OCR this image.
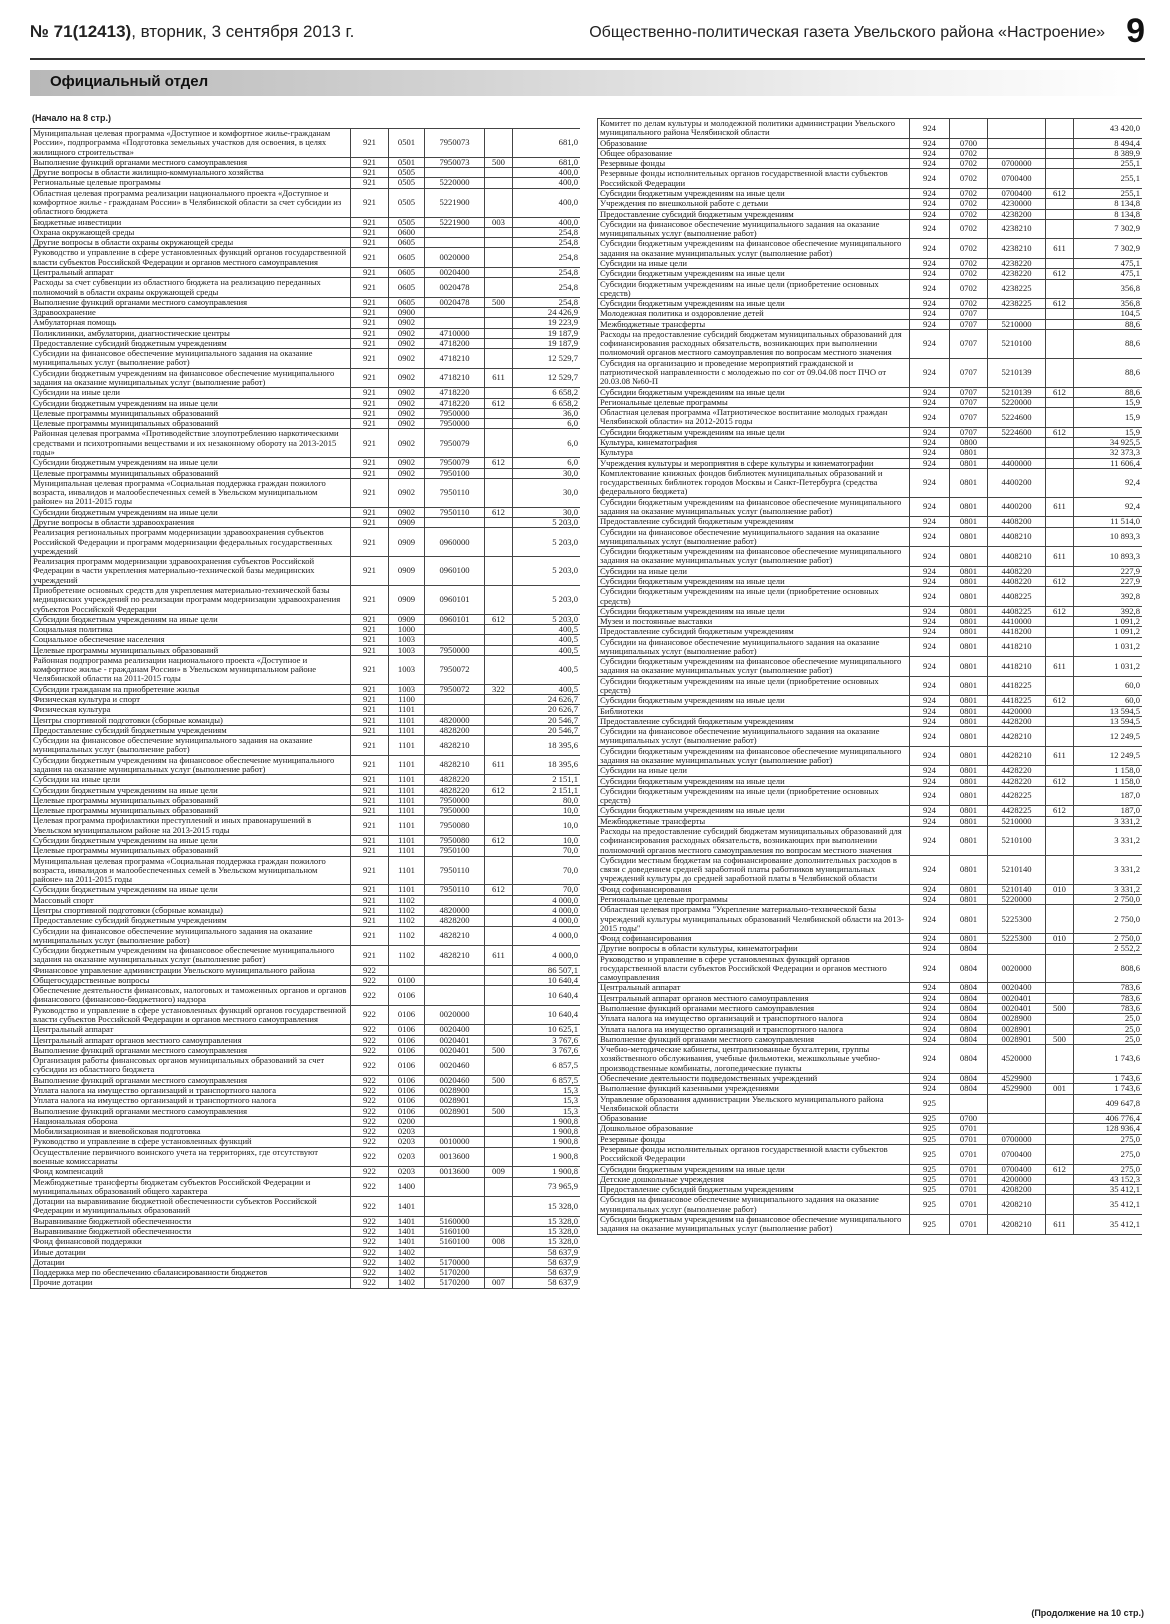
№ 71(12413), вторник, 3 сентября 2013 г.	Общественно-политическая газета Увельского района «Настроение» 9
Официальный отдел
(Начало на 8 стр.)
Муниципальная целевая программа «Доступное и комфортное жилье-гражданам России», подпрограмма «Подготовка земельных участков для освоения, в целях жилищного строительства»	921	0501	7950073		681,0
Выполнение функций органами местного самоуправления	921	0501	7950073	500	681,0
Другие вопросы в области жилищно-коммунального хозяйства	921	0505			400,0
Региональные целевые программы	921	0505	5220000		400,0
Областная целевая программа реализации национального проекта «Доступное и комфортное жилье - гражданам России» в Челябинской области за счет субсидии из областного бюджета	921	0505	5221900		400,0
Бюджетные инвестиции	921	0505	5221900	003	400,0
Охрана окружающей среды	921	0600			254,8
Другие вопросы в области охраны окружающей среды	921	0605			254,8
Руководство и управление в сфере установленных функций органов государственной власти субъектов Российской Федерации и органов местного самоуправления	921	0605	0020000		254,8
Центральный аппарат	921	0605	0020400		254,8
Расходы за счет субвенции из областного бюджета на реализацию переданных полномочий в области охраны окружающей среды	921	0605	0020478		254,8
Выполнение функций органами местного самоуправления	921	0605	0020478	500	254,8
Здравоохранение	921	0900			24 426,9
Амбулаторная помощь	921	0902			19 223,9
Поликлиники, амбулатории, диагностические центры	921	0902	4710000		19 187,9
Предоставление субсидий бюджетным учреждениям	921	0902	4718200		19 187,9
Субсидии на финансовое обеспечение муниципального задания на оказание муниципальных услуг (выполнение работ)	921	0902	4718210		12 529,7
Субсидии бюджетным учреждениям на финансовое обеспечение муниципального задания на оказание муниципальных услуг (выполнение работ)	921	0902	4718210	611	12 529,7
Субсидии на иные цели	921	0902	4718220		6 658,2
Субсидии бюджетным учреждениям на иные цели	921	0902	4718220	612	6 658,2
Целевые программы муниципальных образований	921	0902	7950000		36,0
Целевые программы муниципальных образований	921	0902	7950000		6,0
Районная целевая программа «Противодействие злоупотреблению наркотическими средствами и психотропными веществами и их незаконному обороту на 2013-2015 годы»	921	0902	7950079		6,0
Субсидии бюджетным учреждениям на иные цели	921	0902	7950079	612	6,0
Целевые программы муниципальных образований	921	0902	7950100		30,0
Муниципальная целевая программа «Социальная поддержка граждан пожилого возраста, инвалидов и малообеспеченных семей в Увельском муниципальном районе» на 2011-2015 годы	921	0902	7950110		30,0
Субсидии бюджетным учреждениям на иные цели	921	0902	7950110	612	30,0
Другие вопросы в области здравоохранения	921	0909			5 203,0
Реализация региональных программ модернизации здравоохранения субъектов Российской Федерации и программ модернизации федеральных государственных учреждений	921	0909	0960000		5 203,0
Реализация программ модернизации здравоохранения субъектов Российской Федерации в части укрепления материально-технической базы медицинских учреждений	921	0909	0960100		5 203,0
Приобретение основных средств для укрепления материально-технической базы медицинских учреждений по реализации программ модернизации здравоохранения субъектов Российской Федерации	921	0909	0960101		5 203,0
Субсидии бюджетным учреждениям на иные цели	921	0909	0960101	612	5 203,0
Социальная политика	921	1000			400,5
Социальное обеспечение населения	921	1003			400,5
Целевые программы муниципальных образований	921	1003	7950000		400,5
Районная подпрограмма реализации национального проекта «Доступное и комфортное жилье - гражданам России» в Увельском муниципальном районе Челябинской области на 2011-2015 годы	921	1003	7950072		400,5
Субсидии гражданам на приобретение жилья	921	1003	7950072	322	400,5
Физическая культура и спорт	921	1100			24 626,7
Физическая культура	921	1101			20 626,7
Центры спортивной подготовки (сборные команды)	921	1101	4820000		20 546,7
Предоставление субсидий бюджетным учреждениям	921	1101	4828200		20 546,7
Субсидии на финансовое обеспечение муниципального задания на оказание муниципальных услуг (выполнение работ)	921	1101	4828210		18 395,6
Субсидии бюджетным учреждениям на финансовое обеспечение муниципального задания на оказание муниципальных услуг (выполнение работ)	921	1101	4828210	611	18 395,6
Субсидии на иные цели	921	1101	4828220		2 151,1
Субсидии бюджетным учреждениям на иные цели	921	1101	4828220	612	2 151,1
Целевые программы муниципальных образований	921	1101	7950000		80,0
Целевые программы муниципальных образований	921	1101	7950000		10,0
Целевая программа профилактики преступлений и иных правонарушений в Увельском муниципальном районе на 2013-2015 годы	921	1101	7950080		10,0
Субсидии бюджетным учреждениям на иные цели	921	1101	7950080	612	10,0
Целевые программы муниципальных образований	921	1101	7950100		70,0
Муниципальная целевая программа «Социальная поддержка граждан пожилого возраста, инвалидов и малообеспеченных семей в Увельском муниципальном районе» на 2011-2015 годы	921	1101	7950110		70,0
Субсидии бюджетным учреждениям на иные цели	921	1101	7950110	612	70,0
Массовый спорт	921	1102			4 000,0
Центры спортивной подготовки (сборные команды)	921	1102	4820000		4 000,0
Предоставление субсидий бюджетным учреждениям	921	1102	4828200		4 000,0
Субсидии на финансовое обеспечение муниципального задания на оказание муниципальных услуг (выполнение работ)	921	1102	4828210		4 000,0
Субсидии бюджетным учреждениям на финансовое обеспечение муниципального задания на оказание муниципальных услуг (выполнение работ)	921	1102	4828210	611	4 000,0
Финансовое управление администрации Увельского муниципального района	922				86 507,1
Общегосударственные вопросы	922	0100			10 640,4
Обеспечение деятельности финансовых, налоговых и таможенных органов и органов финансового (финансово-бюджетного) надзора	922	0106			10 640,4
Руководство и управление в сфере установленных функций органов государственной власти субъектов Российской Федерации и органов местного самоуправления	922	0106	0020000		10 640,4
Центральный аппарат	922	0106	0020400		10 625,1
Центральный аппарат органов местного самоуправления	922	0106	0020401		3 767,6
Выполнение функций органами местного самоуправления	922	0106	0020401	500	3 767,6
Организация работы финансовых органов муниципальных образований за счет субсидии из областного бюджета	922	0106	0020460		6 857,5
Выполнение функций органами местного самоуправления	922	0106	0020460	500	6 857,5
Уплата налога на имущество организаций и транспортного налога	922	0106	0028900		15,3
Уплата налога на имущество организаций и транспортного налога	922	0106	0028901		15,3
Выполнение функций органами местного самоуправления	922	0106	0028901	500	15,3
Национальная оборона	922	0200			1 900,8
Мобилизационная и вневойсковая подготовка	922	0203			1 900,8
Руководство и управление в сфере установленных функций	922	0203	0010000		1 900,8
Осуществление первичного воинского учета на территориях, где отсутствуют военные комиссариаты	922	0203	0013600		1 900,8
Фонд компенсаций	922	0203	0013600	009	1 900,8
Межбюджетные трансферты бюджетам субъектов Российской Федерации и муниципальных образований общего характера	922	1400			73 965,9
Дотации на выравнивание бюджетной обеспеченности субъектов Российской Федерации и муниципальных образований	922	1401			15 328,0
Выравнивание бюджетной обеспеченности	922	1401	5160000		15 328,0
Выравнивание бюджетной обеспеченности	922	1401	5160100		15 328,0
Фонд финансовой поддержки	922	1401	5160100	008	15 328,0
Иные дотации	922	1402			58 637,9
Дотации	922	1402	5170000		58 637,9
Поддержка мер по обеспечению сбалансированности бюджетов	922	1402	5170200		58 637,9
Прочие дотации	922	1402	5170200	007	58 637,9
Комитет по делам культуры и молодежной политики администрации Увельского муниципального района Челябинской области	924				43 420,0
Образование	924	0700			8 494,4
Общее образование	924	0702			8 389,9
Резервные фонды	924	0702	0700000		255,1
Резервные фонды исполнительных органов государственной власти субъектов Российской Федерации	924	0702	0700400		255,1
Субсидии бюджетным учреждениям на иные цели	924	0702	0700400	612	255,1
Учреждения по внешкольной работе с детьми	924	0702	4230000		8 134,8
Предоставление субсидий бюджетным учреждениям	924	0702	4238200		8 134,8
Субсидии на финансовое обеспечение муниципального задания на оказание муниципальных услуг (выполнение работ)	924	0702	4238210		7 302,9
Субсидии бюджетным учреждениям на финансовое обеспечение муниципального задания на оказание муниципальных услуг (выполнение работ)	924	0702	4238210	611	7 302,9
Субсидии на иные цели	924	0702	4238220		475,1
Субсидии бюджетным учреждениям на иные цели	924	0702	4238220	612	475,1
Субсидии бюджетным учреждениям на иные цели (приобретение основных средств)	924	0702	4238225		356,8
Субсидии бюджетным учреждениям на иные цели	924	0702	4238225	612	356,8
Молодежная политика и оздоровление детей	924	0707			104,5
Межбюджетные трансферты	924	0707	5210000		88,6
Расходы на предоставление субсидий бюджетам муниципальных образований для софинансирования расходных обязательств, возникающих при выполнении полномочий органов местного самоуправления по вопросам местного значения	924	0707	5210100		88,6
Субсидия на организацию и проведение мероприятий гражданской и патриотической направленности с молодежью по сог от 09.04.08 пост ПЧО от 20.03.08 №60-П	924	0707	5210139		88,6
Субсидии бюджетным учреждениям на иные цели	924	0707	5210139	612	88,6
Региональные целевые программы	924	0707	5220000		15,9
Областная целевая программа «Патриотическое воспитание молодых граждан Челябинской области» на 2012-2015 годы	924	0707	5224600		15,9
Субсидии бюджетным учреждениям на иные цели	924	0707	5224600	612	15,9
Культура, кинематография	924	0800			34 925,5
Культура	924	0801			32 373,3
Учреждения культуры и мероприятия в сфере культуры и кинематографии	924	0801	4400000		11 606,4
Комплектование книжных фондов библиотек муниципальных образований и государственных библиотек городов Москвы и Санкт-Петербурга (средства федерального бюджета)	924	0801	4400200		92,4
Субсидии бюджетным учреждениям на финансовое обеспечение муниципального задания на оказание муниципальных услуг (выполнение работ)	924	0801	4400200	611	92,4
Предоставление субсидий бюджетным учреждениям	924	0801	4408200		11 514,0
Субсидии на финансовое обеспечение муниципального задания на оказание муниципальных услуг (выполнение работ)	924	0801	4408210		10 893,3
Субсидии бюджетным учреждениям на финансовое обеспечение муниципального задания на оказание муниципальных услуг (выполнение работ)	924	0801	4408210	611	10 893,3
Субсидии на иные цели	924	0801	4408220		227,9
Субсидии бюджетным учреждениям на иные цели	924	0801	4408220	612	227,9
Субсидии бюджетным учреждениям на иные цели (приобретение основных средств)	924	0801	4408225		392,8
Субсидии бюджетным учреждениям на иные цели	924	0801	4408225	612	392,8
Музеи и постоянные выставки	924	0801	4410000		1 091,2
Предоставление субсидий бюджетным учреждениям	924	0801	4418200		1 091,2
Субсидии на финансовое обеспечение муниципального задания на оказание муниципальных услуг (выполнение работ)	924	0801	4418210		1 031,2
Субсидии бюджетным учреждениям на финансовое обеспечение муниципального задания на оказание муниципальных услуг (выполнение работ)	924	0801	4418210	611	1 031,2
Субсидии бюджетным учреждениям на иные цели (приобретение основных средств)	924	0801	4418225		60,0
Субсидии бюджетным учреждениям на иные цели	924	0801	4418225	612	60,0
Библиотеки	924	0801	4420000		13 594,5
Предоставление субсидий бюджетным учреждениям	924	0801	4428200		13 594,5
Субсидии на финансовое обеспечение муниципального задания на оказание муниципальных услуг (выполнение работ)	924	0801	4428210		12 249,5
Субсидии бюджетным учреждениям на финансовое обеспечение муниципального задания на оказание муниципальных услуг (выполнение работ)	924	0801	4428210	611	12 249,5
Субсидии на иные цели	924	0801	4428220		1 158,0
Субсидии бюджетным учреждениям на иные цели	924	0801	4428220	612	1 158,0
Субсидии бюджетным учреждениям на иные цели (приобретение основных средств)	924	0801	4428225		187,0
Субсидии бюджетным учреждениям на иные цели	924	0801	4428225	612	187,0
Межбюджетные трансферты	924	0801	5210000		3 331,2
Расходы на предоставление субсидий бюджетам муниципальных образований для софинансирования расходных обязательств, возникающих при выполнении полномочий органов местного самоуправления по вопросам местного значения	924	0801	5210100		3 331,2
Субсидии местным бюджетам на софинансирование дополнительных расходов в связи с доведением средней заработной платы работников муниципальных учреждений культуры до средней заработной платы в Челябинской области	924	0801	5210140		3 331,2
Фонд софинансирования	924	0801	5210140	010	3 331,2
Региональные целевые программы	924	0801	5220000		2 750,0
Областная целевая программа "Укрепление материально-технической базы учреждений культуры муниципальных образований Челябинской области на 2013-2015 годы"	924	0801	5225300		2 750,0
Фонд софинансирования	924	0801	5225300	010	2 750,0
Другие вопросы в области культуры, кинематографии	924	0804			2 552,2
Руководство и управление в сфере установленных функций органов государственной власти субъектов Российской Федерации и органов местного самоуправления	924	0804	0020000		808,6
Центральный аппарат	924	0804	0020400		783,6
Центральный аппарат органов местного самоуправления	924	0804	0020401		783,6
Выполнение функций органами местного самоуправления	924	0804	0020401	500	783,6
Уплата налога на имущество организаций и транспортного налога	924	0804	0028900		25,0
Уплата налога на имущество организаций и транспортного налога	924	0804	0028901		25,0
Выполнение функций органами местного самоуправления	924	0804	0028901	500	25,0
Учебно-методические кабинеты, централизованные бухгалтерии, группы хозяйственного обслуживания, учебные фильмотеки, межшкольные учебно-производственные комбинаты, логопедические пункты	924	0804	4520000		1 743,6
Обеспечение деятельности подведомственных учреждений	924	0804	4529900		1 743,6
Выполнение функций казенными учреждениями	924	0804	4529900	001	1 743,6
Управление образования администрации Увельского муниципального района Челябинской области	925				409 647,8
Образование	925	0700			406 776,4
Дошкольное образование	925	0701			128 936,4
Резервные фонды	925	0701	0700000		275,0
Резервные фонды исполнительных органов государственной власти субъектов Российской Федерации	925	0701	0700400		275,0
Субсидии бюджетным учреждениям на иные цели	925	0701	0700400	612	275,0
Детские дошкольные учреждения	925	0701	4200000		43 152,3
Предоставление субсидий бюджетным учреждениям	925	0701	4208200		35 412,1
Субсидия на финансовое обеспечение муниципального задания на оказание муниципальных услуг (выполнение работ)	925	0701	4208210		35 412,1
Субсидии бюджетным учреждениям на финансовое обеспечение муниципального задания на оказание муниципальных услуг (выполнение работ)	925	0701	4208210	611	35 412,1
(Продолжение на 10 стр.)
